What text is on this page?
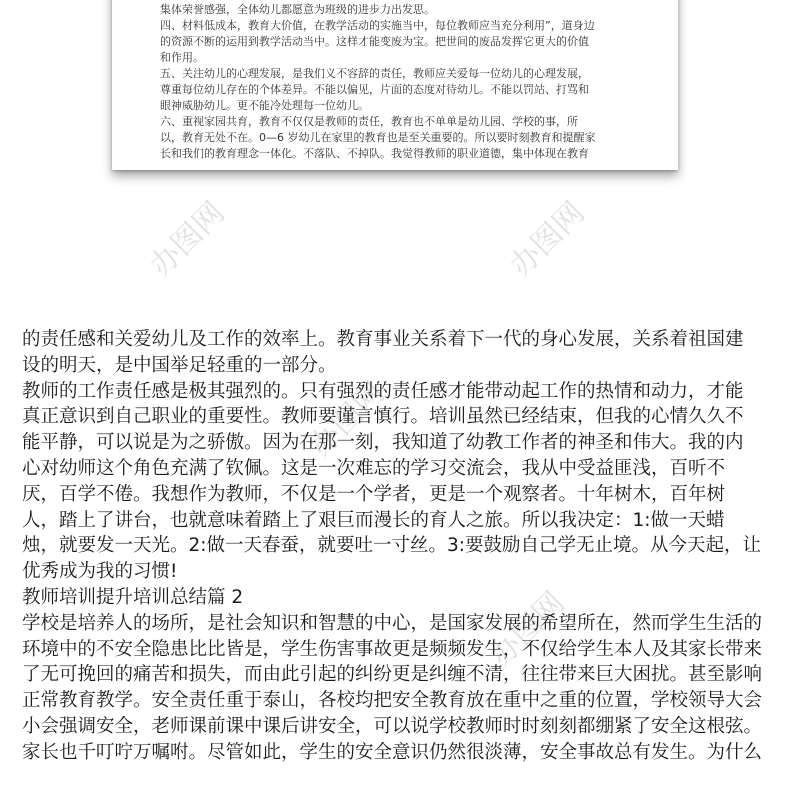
集体荣誉感强，全体幼儿都愿意为班级的进步力出发思。

四、材料低成本，教育大价值，在教学活动的实施当中，每位教师应当充分利用”，道身边

的资源不断的运用到教学活动当中。这样才能变废为宝。把世间的废品发挥它更大的价值

和作用。

五、关注幼儿的心理发展，是我们义不容辞的责任，教师应关爱每一位幼儿的心理发展，

尊重每位幼儿存在的个体差异。不能以偏见，片面的态度对待幼儿。不能以罚站、打骂和

眼神威胁幼儿。更不能冷处理每一位幼儿。

六、重视家园共育，教育不仅仅是教师的责任，教育也不单单是幼儿园、学校的事，所

以，教育无处不在。0—6 岁幼儿在家里的教育也是至关重要的。所以要时刻教育和提醒家

长和我们的教育理念一体化。不落队、不掉队。我觉得教师的职业道德，集中体现在教育

办图网	办图网
办图网
办图网

的责任感和关爱幼儿及工作的效率上。教育事业关系着下一代的身心发展，关系着祖国建

设的明天，是中国举足轻重的一部分。

教师的工作责任感是极其强烈的。只有强烈的责任感才能带动起工作的热情和动力，才能

真正意识到自己职业的重要性。教师要谨言慎行。培训虽然已经结束，但我的心情久久不

能平静，可以说是为之骄傲。因为在那一刻，我知道了幼教工作者的神圣和伟大。我的内

心对幼师这个角色充满了钦佩。这是一次难忘的学习交流会，我从中受益匪浅，百听不

厌，百学不倦。我想作为教师，不仅是一个学者，更是一个观察者。十年树木，百年树

人，踏上了讲台，也就意味着踏上了艰巨而漫长的育人之旅。所以我决定：1:做一天蜡

烛，就要发一天光。2:做一天春蚕，就要吐一寸丝。3:要鼓励自己学无止境。从今天起，让

优秀成为我的习惯!

教师培训提升培训总结篇 2

学校是培养人的场所，是社会知识和智慧的中心，是国家发展的希望所在，然而学生生活的

环境中的不安全隐患比比皆是，学生伤害事故更是频频发生，不仅给学生本人及其家长带来

了无可挽回的痛苦和损失，而由此引起的纠纷更是纠缠不清，往往带来巨大困扰。甚至影响

正常教育教学。安全责任重于泰山，各校均把安全教育放在重中之重的位置，学校领导大会

小会强调安全，老师课前课中课后讲安全，可以说学校教师时时刻刻都绷紧了安全这根弦。

家长也千叮咛万嘱咐。尽管如此，学生的安全意识仍然很淡薄，安全事故总有发生。为什么
